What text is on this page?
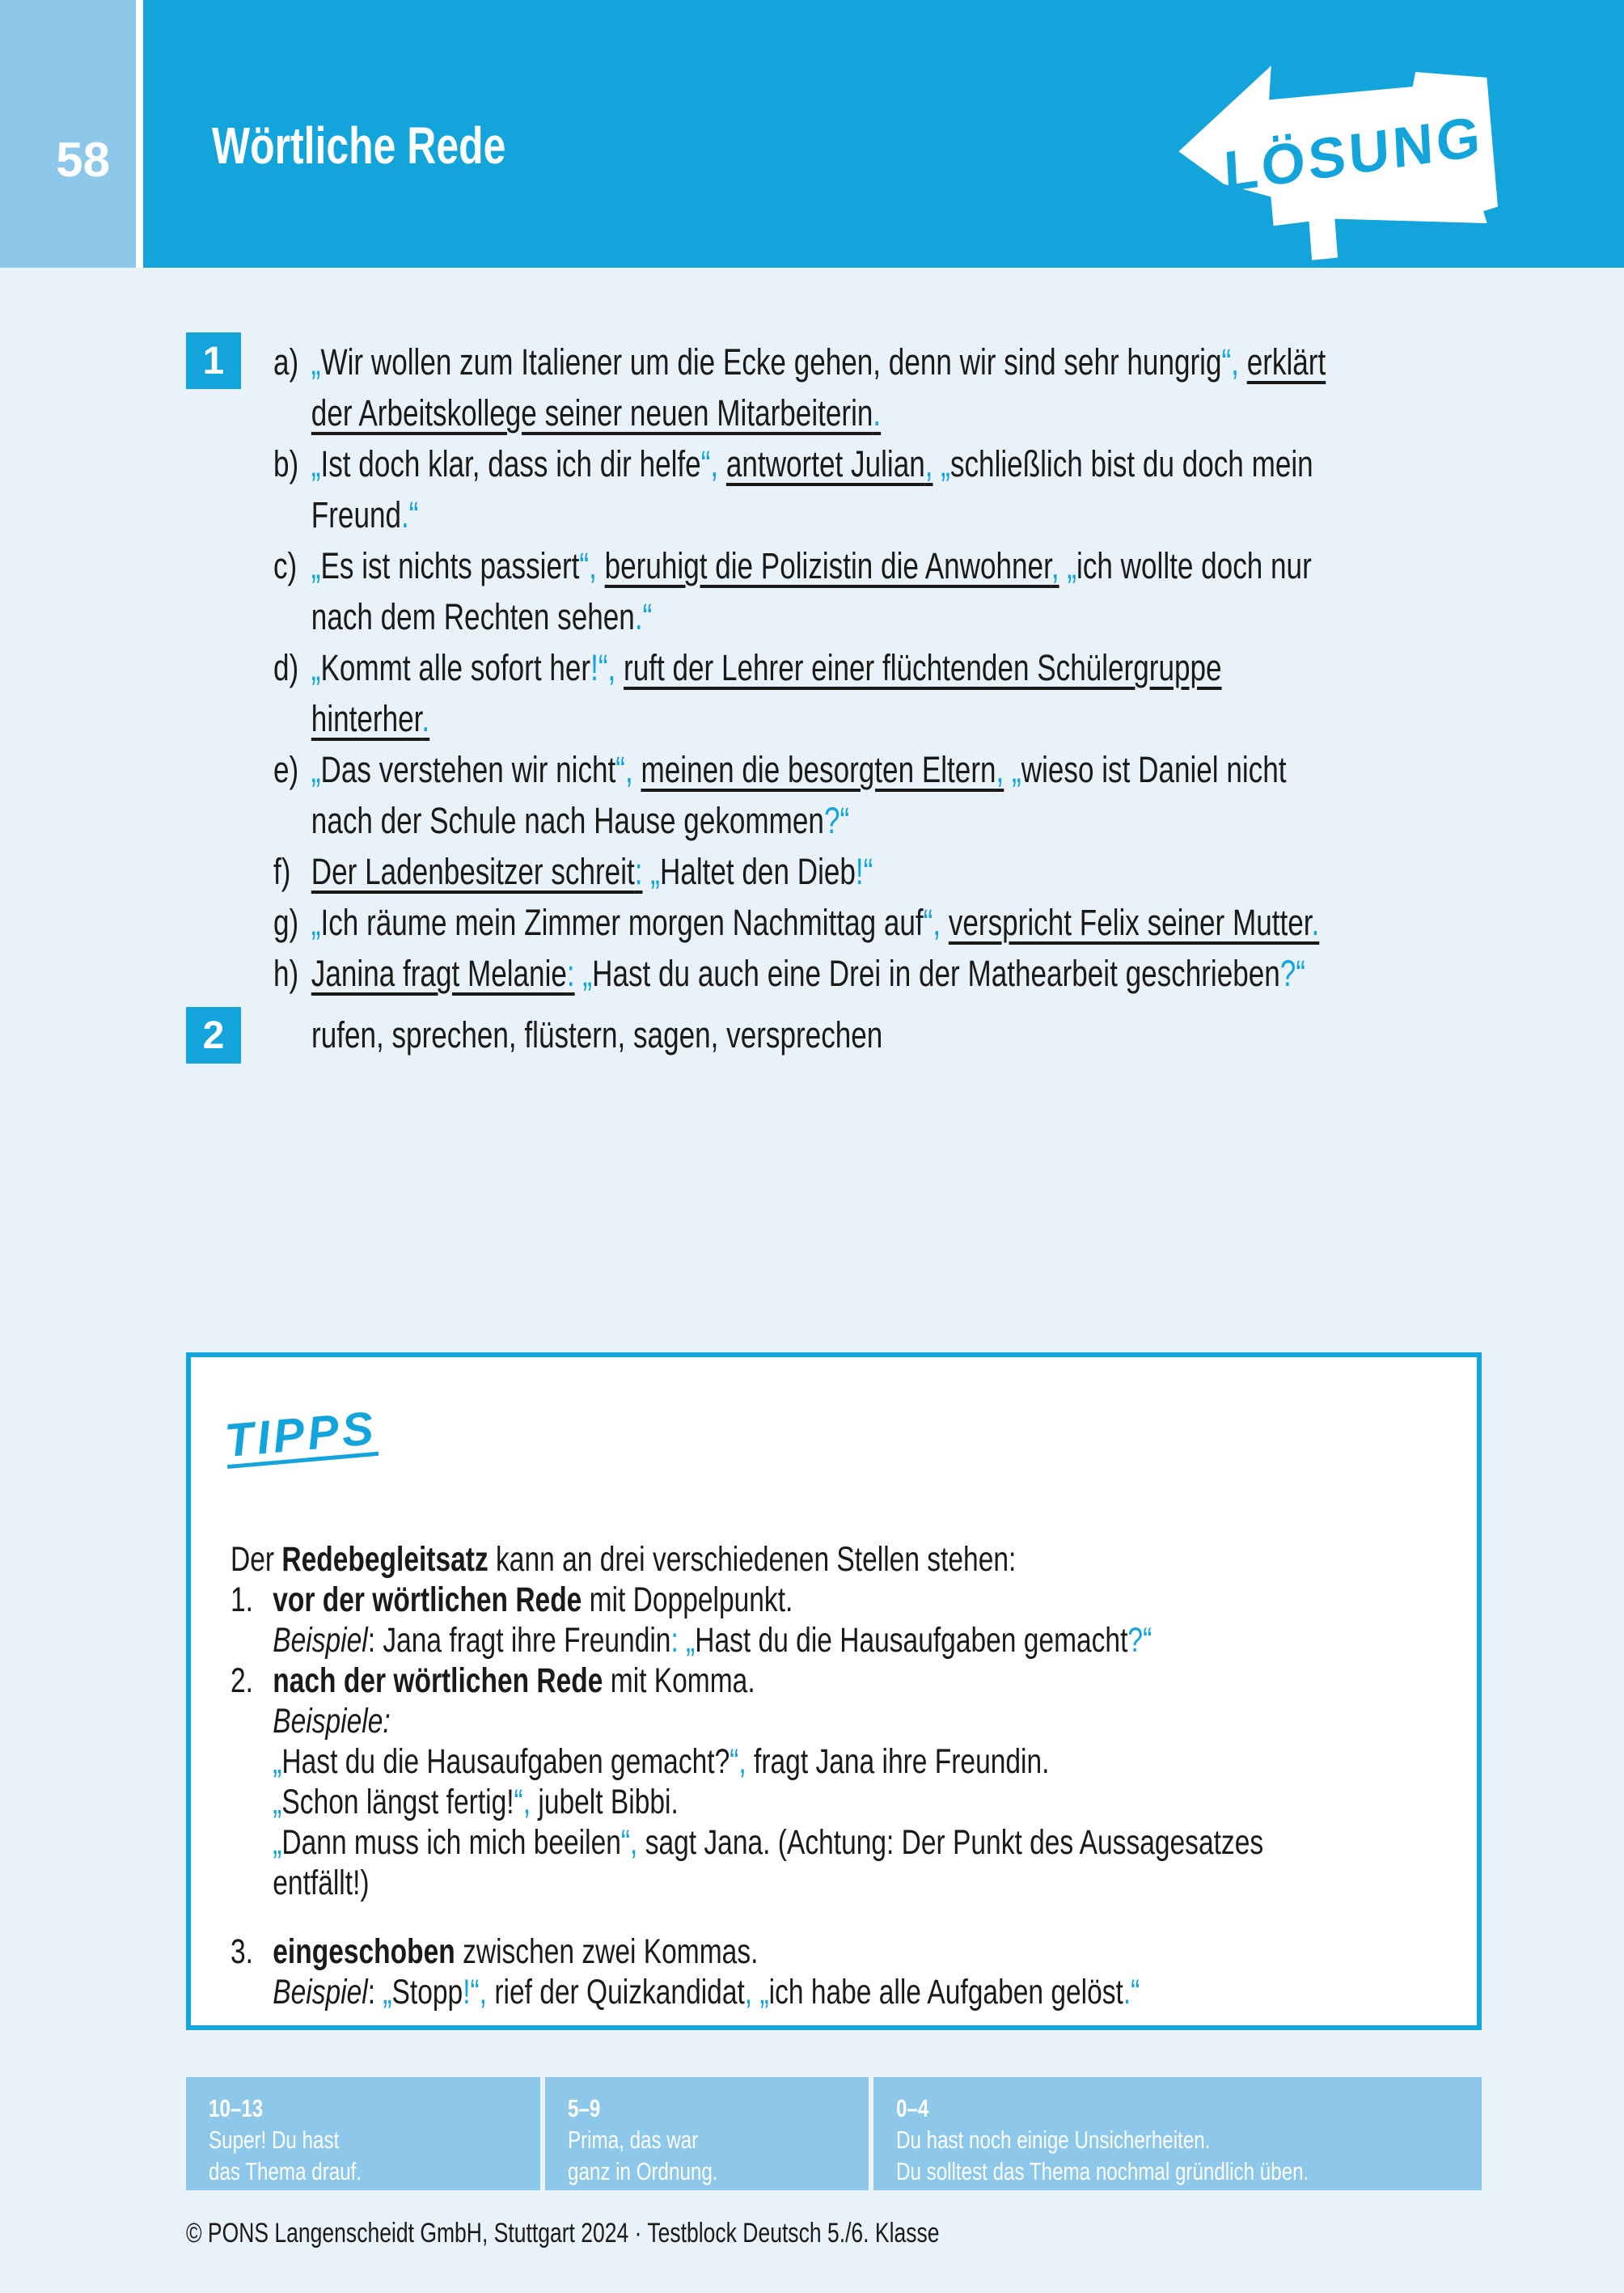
58	Wörtliche Rede	LÖSUNG
1	a) „Wir wollen zum Italiener um die Ecke gehen, denn wir sind sehr hungrig“, erklärt
der Arbeitskollege seiner neuen Mitarbeiterin.
b) „Ist doch klar, dass ich dir helfe“, antwortet Julian, „schließlich bist du doch mein
Freund.“
c) „Es ist nichts passiert“, beruhigt die Polizistin die Anwohner, „ich wollte doch nur
nach dem Rechten sehen.“
d) „Kommt alle sofort her!“, ruft der Lehrer einer flüchtenden Schülergruppe
hinterher.
e) „Das verstehen wir nicht“, meinen die besorgten Eltern, „wieso ist Daniel nicht
nach der Schule nach Hause gekommen?“
f) Der Ladenbesitzer schreit: „Haltet den Dieb!“
g) „Ich räume mein Zimmer morgen Nachmittag auf“, verspricht Felix seiner Mutter.
h) Janina fragt Melanie: „Hast du auch eine Drei in der Mathearbeit geschrieben?“
2	rufen, sprechen, flüstern, sagen, versprechen
TIPPS
Der Redebegleitsatz kann an drei verschiedenen Stellen stehen:
1. vor der wörtlichen Rede mit Doppelpunkt.
Beispiel: Jana fragt ihre Freundin: „Hast du die Hausaufgaben gemacht?“
2. nach der wörtlichen Rede mit Komma.
Beispiele:
„Hast du die Hausaufgaben gemacht?“, fragt Jana ihre Freundin.
„Schon längst fertig!“, jubelt Bibbi.
„Dann muss ich mich beeilen“, sagt Jana. (Achtung: Der Punkt des Aussagesatzes
entfällt!)
3. eingeschoben zwischen zwei Kommas.
Beispiel: „Stopp!“, rief der Quizkandidat, „ich habe alle Aufgaben gelöst.“
10–13
Super! Du hast
das Thema drauf.
5–9
Prima, das war
ganz in Ordnung.
0–4
Du hast noch einige Unsicherheiten.
Du solltest das Thema nochmal gründlich üben.
© PONS Langenscheidt GmbH, Stuttgart 2024 · Testblock Deutsch 5./6. Klasse
